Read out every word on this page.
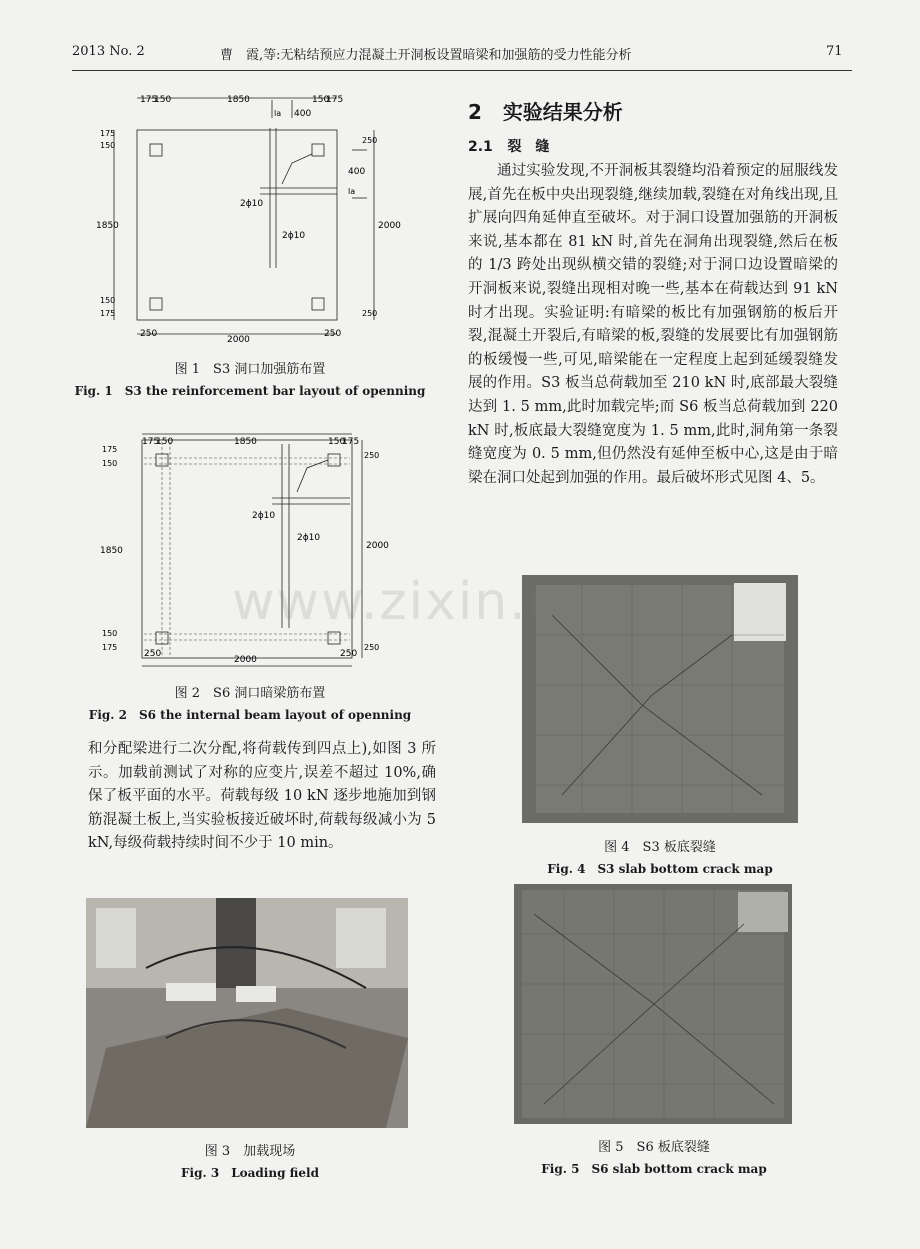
2013 No. 2	曹　霞,等:无粘结预应力混凝土开洞板设置暗梁和加强筋的受力性能分析	71
175
150	1850	150
175
la 400
150
175
1850
150
175
250
400
la
2000
250
2ϕ10
2ϕ10
250
2000
250
图 1　S3 洞口加强筋布置
Fig. 1　S3 the reinforcement bar layout of openning
175
150	1850	150
175
150
175
1850
150
175
250
2000
250
2ϕ10
2ϕ10
250
2000
250
图 2　S6 洞口暗梁筋布置
Fig. 2　S6 the internal beam layout of openning

和分配梁进行二次分配,将荷载传到四点上),如图 3 所示。加载前测试了对称的应变片,误差不超过 10%,确保了板平面的水平。荷载每级 10 kN 逐步地施加到钢筋混凝土板上,当实验板接近破坏时,荷载每级减小为 5 kN,每级荷载持续时间不少于 10 min。

图 3　加载现场
Fig. 3　Loading field
2 实验结果分析
2.1 裂　缝

通过实验发现,不开洞板其裂缝均沿着预定的屈服线发展,首先在板中央出现裂缝,继续加载,裂缝在对角线出现,且扩展向四角延伸直至破坏。对于洞口设置加强筋的开洞板来说,基本都在 81 kN 时,首先在洞角出现裂缝,然后在板的 1/3 跨处出现纵横交错的裂缝;对于洞口边设置暗梁的开洞板来说,裂缝出现相对晚一些,基本在荷载达到 91 kN 时才出现。实验证明:有暗梁的板比有加强钢筋的板后开裂,混凝土开裂后,有暗梁的板,裂缝的发展要比有加强钢筋的板缓慢一些,可见,暗梁能在一定程度上起到延缓裂缝发展的作用。S3 板当总荷载加至 210 kN 时,底部最大裂缝达到 1. 5 mm,此时加载完毕;而 S6 板当总荷载加到 220 kN 时,板底最大裂缝宽度为 1. 5 mm,此时,洞角第一条裂缝宽度为 0. 5 mm,但仍然没有延伸至板中心,这是由于暗梁在洞口处起到加强的作用。最后破坏形式见图 4、5。

图 4　S3 板底裂缝
Fig. 4　S3 slab bottom crack map
图 5　S6 板底裂缝
Fig. 5　S6 slab bottom crack map
www.zixin.com.cn
